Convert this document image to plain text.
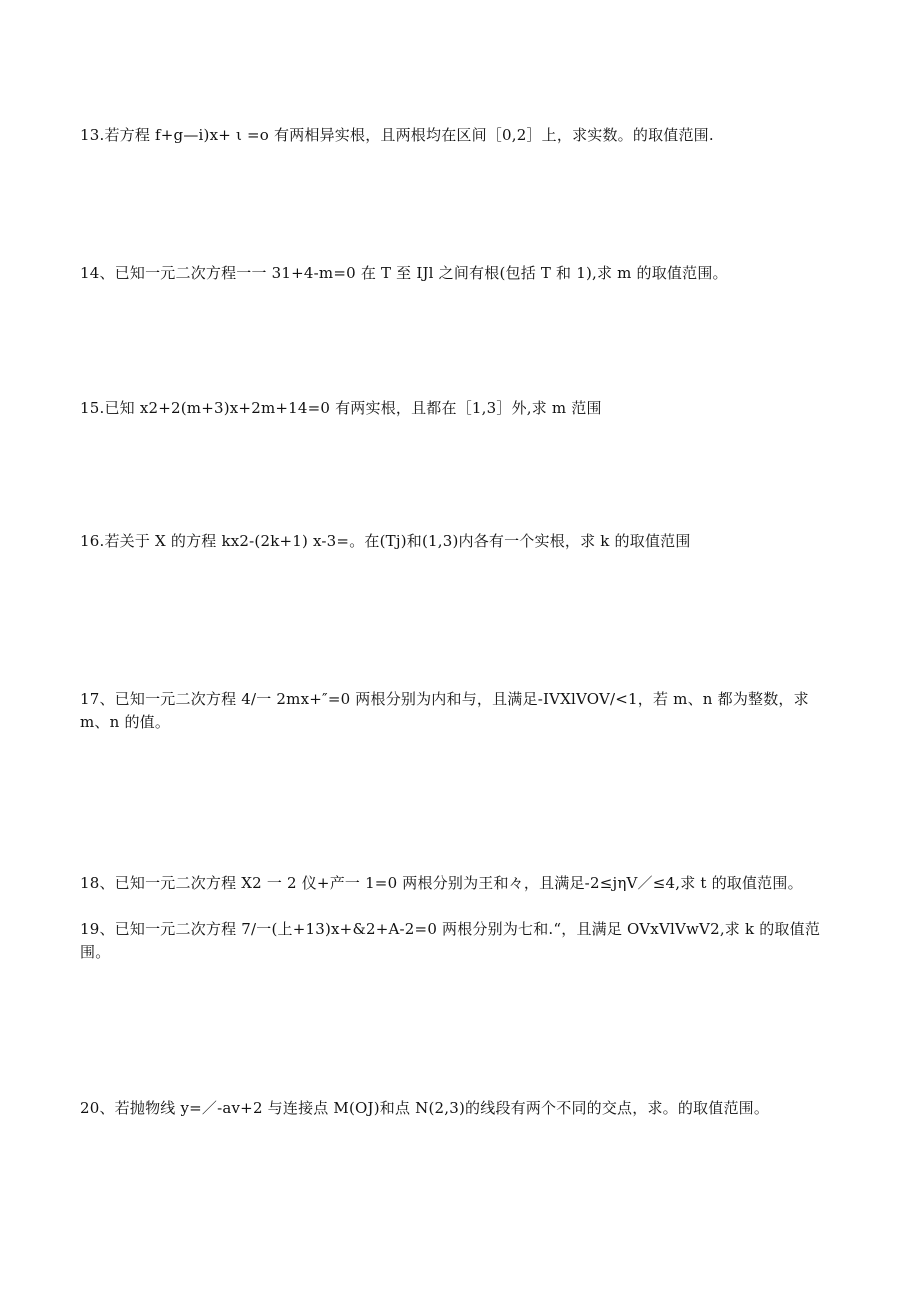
13.若方程 f+g—i)x+ ι =o 有两相异实根，且两根均在区间［0,2］上，求实数。的取值范围.
14、已知一元二次方程一一 31+4-m=0 在 T 至 IJl 之间有根(包括 T 和 1),求 m 的取值范围。
15.已知 x2+2(m+3)x+2m+14=0 有两实根，且都在［1,3］外,求 m 范围
16.若关于 X 的方程 kx2-(2k+1) x-3=。在(Tj)和(1,3)内各有一个实根，求 k 的取值范围
17、已知一元二次方程 4/一 2mx+″=0 两根分别为内和与，且满足-IVXlVOV/<1，若 m、n 都为整数，求 m、n 的值。
18、已知一元二次方程 X2 一 2 仪+产一 1=0 两根分别为王和々，且满足-2≤jηV／≤4,求 t 的取值范围。
19、已知一元二次方程 7/一(上+13)x+&2+A-2=0 两根分别为七和.“，且满足 OVxVlVwV2,求 k 的取值范围。
20、若抛物线 y=／-av+2 与连接点 M(OJ)和点 N(2,3)的线段有两个不同的交点，求。的取值范围。
